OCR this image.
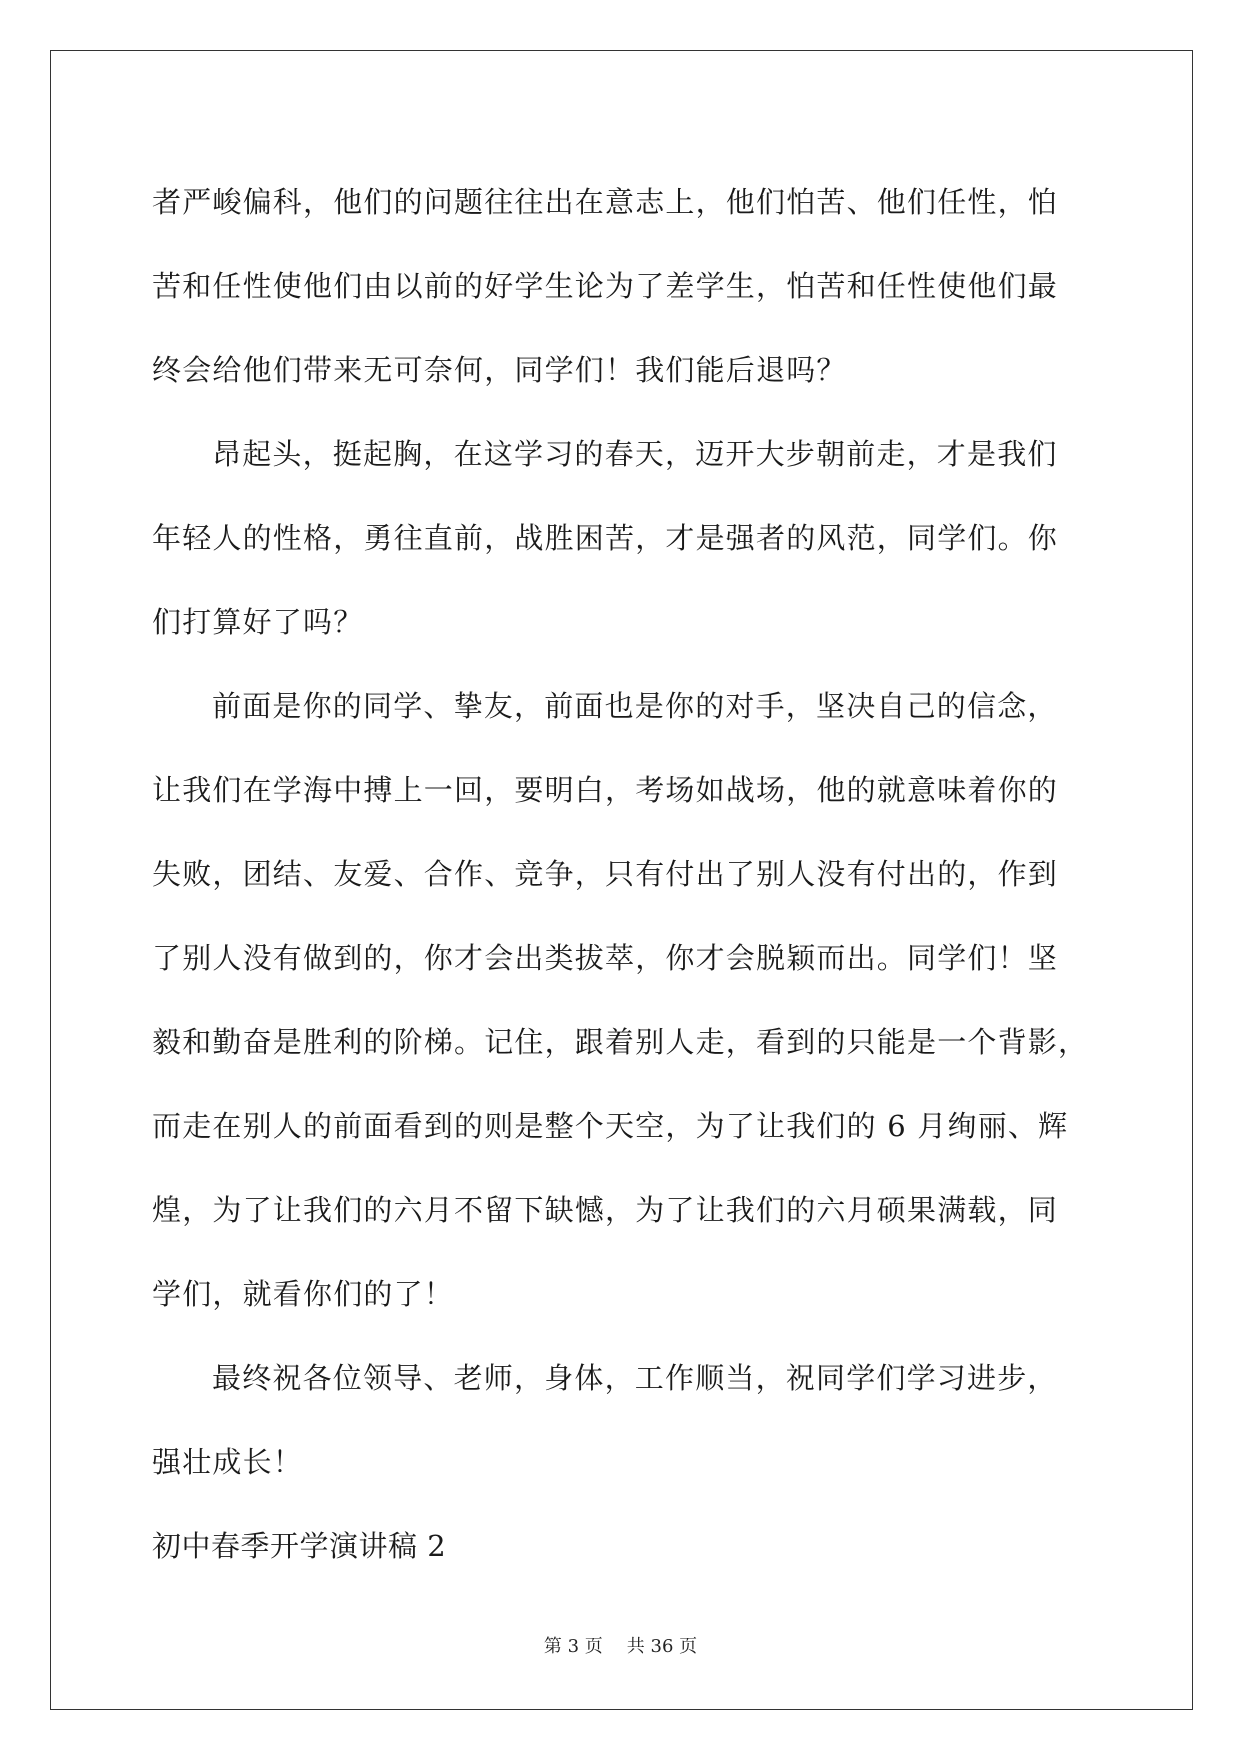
者严峻偏科，他们的问题往往出在意志上，他们怕苦、他们任性，怕
苦和任性使他们由以前的好学生论为了差学生，怕苦和任性使他们最
终会给他们带来无可奈何，同学们！我们能后退吗？
昂起头，挺起胸，在这学习的春天，迈开大步朝前走，才是我们
年轻人的性格，勇往直前，战胜困苦，才是强者的风范，同学们。你
们打算好了吗？
前面是你的同学、挚友，前面也是你的对手，坚决自己的信念，
让我们在学海中搏上一回，要明白，考场如战场，他的就意味着你的
失败，团结、友爱、合作、竞争，只有付出了别人没有付出的，作到
了别人没有做到的，你才会出类拔萃，你才会脱颖而出。同学们！坚
毅和勤奋是胜利的阶梯。记住，跟着别人走，看到的只能是一个背影，
而走在别人的前面看到的则是整个天空，为了让我们的 6 月绚丽、辉
煌，为了让我们的六月不留下缺憾，为了让我们的六月硕果满载，同
学们，就看你们的了！
最终祝各位领导、老师，身体，工作顺当，祝同学们学习进步，
强壮成长！
初中春季开学演讲稿 2
第 3 页 共 36 页
